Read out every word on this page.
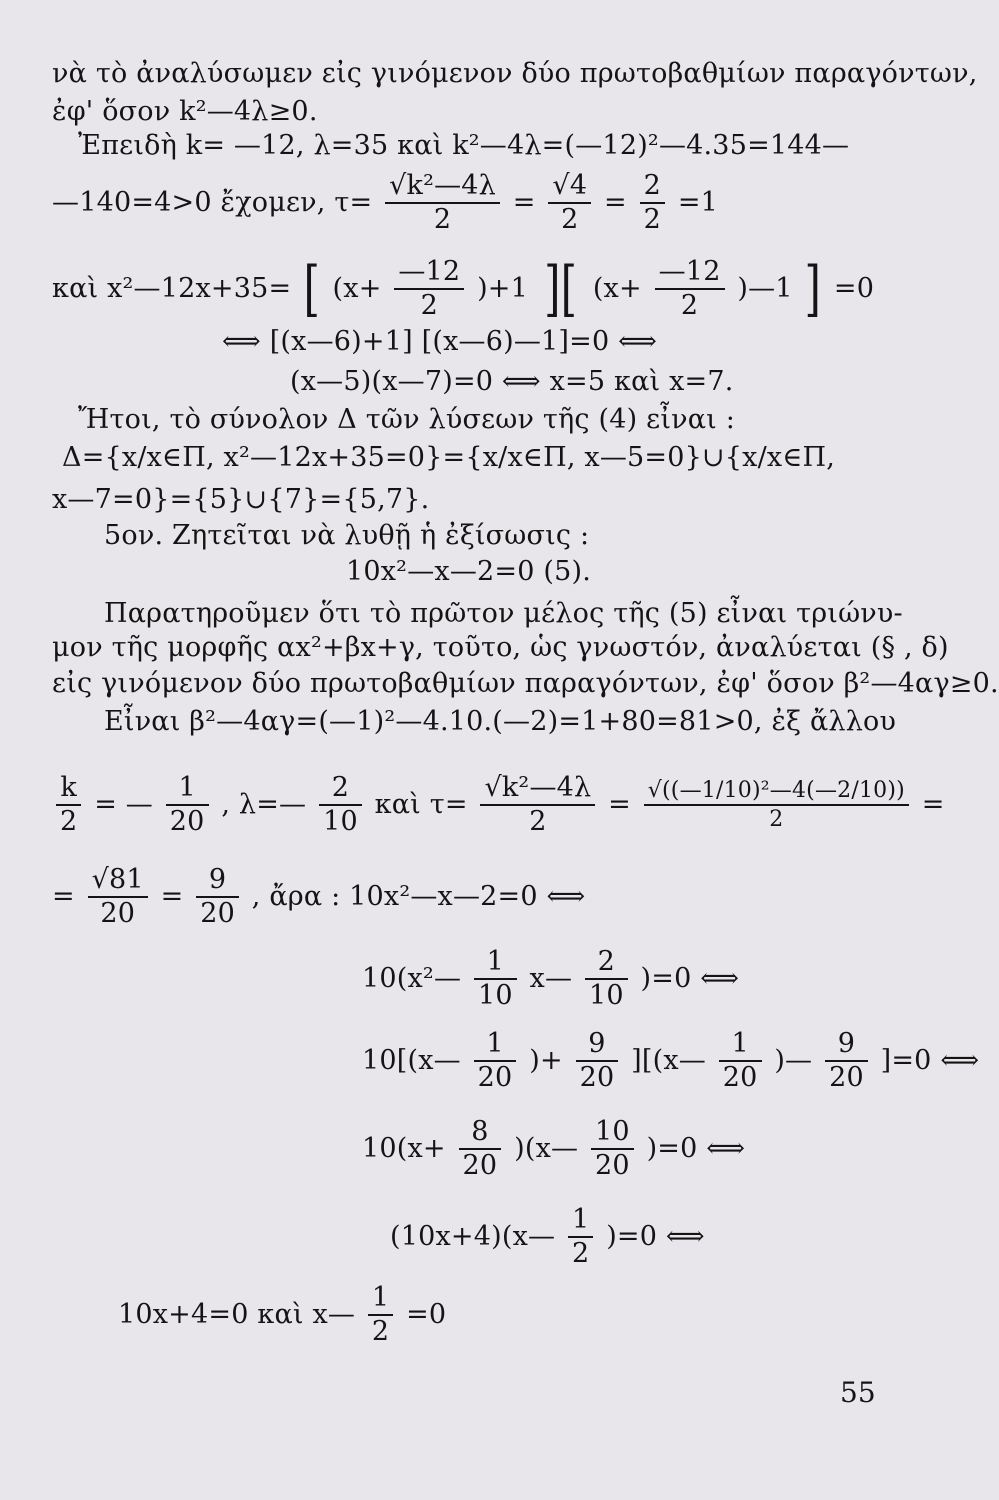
νὰ τὸ ἀναλύσωμεν εἰς γινόμενον δύο πρωτοβαθμίων παραγόντων,
ἐφ' ὅσον k²—4λ≥0.
Ἐπειδὴ k= —12, λ=35 καὶ k²—4λ=(—12)²—4.35=144—
—140=4>0 ἔχομεν, $\tau= \frac{\text{√k²—4λ}}{2} = \frac{√4}{2} = \frac{2}{2} =1$
καὶ x²—12x+35= [ $(x+ \frac{—12}{2} )+1$ ][ ($x+ \frac{—12}{2}$ )—1 ] =0
⟺ [(x—6)+1] [(x—6)—1]=0 ⟺
(x—5)(x—7)=0 ⟺ x=5 καὶ x=7.
Ἤτοι, τὸ σύνολον Δ τῶν λύσεων τῆς (4) εἶναι :
Δ={x/x∈Π, x²—12x+35=0}={x/x∈Π, x—5=0}∪{x/x∈Π,
x—7=0}={5}∪{7}={5,7}.
5ον. Ζητεῖται νὰ λυθῇ ἡ ἐξίσωσις :
10x²—x—2=0 (5).
Παρατηροῦμεν ὅτι τὸ πρῶτον μέλος τῆς (5) εἶναι τριώνυ-
μον τῆς μορφῆς αx²+βx+γ, τοῦτο, ὡς γνωστόν, ἀναλύεται (§ , δ)
εἰς γινόμενον δύο πρωτοβαθμίων παραγόντων, ἐφ' ὅσον β²—4αγ≥0.
Εἶναι β²—4αγ=(—1)²—4.10.(—2)=1+80=81>0, ἐξ ἄλλου
$\frac{k}{2}$ = — $\frac{1}{20}$ , λ=— $\frac{2}{10}$ καὶ $\tau= \frac{\text{√k²—4λ}}{2} = \frac{\text{√((—1/10)²—4(—2/10))}}{2}$ =
= $\frac{√81}{20} = \frac{9}{20}$ , ἄρα : 10x²—x—2=0 ⟺
10(x²— $\frac{1}{10}$ x— $\frac{2}{10} )=0$ ⟺
10[(x— $\frac{1}{20}$ )+ $\frac{9}{20}$ ][(x— $\frac{1}{20}$ )— $\frac{9}{20} ]=0$ ⟺
$10(x+ \frac{8}{20}$ )(x— $\frac{10}{20} )=0$ ⟺
(10x+4)(x— $\frac{1}{2} )=0$ ⟺
10x+4=0 καὶ x— $\frac{1}{2} =0$
55
